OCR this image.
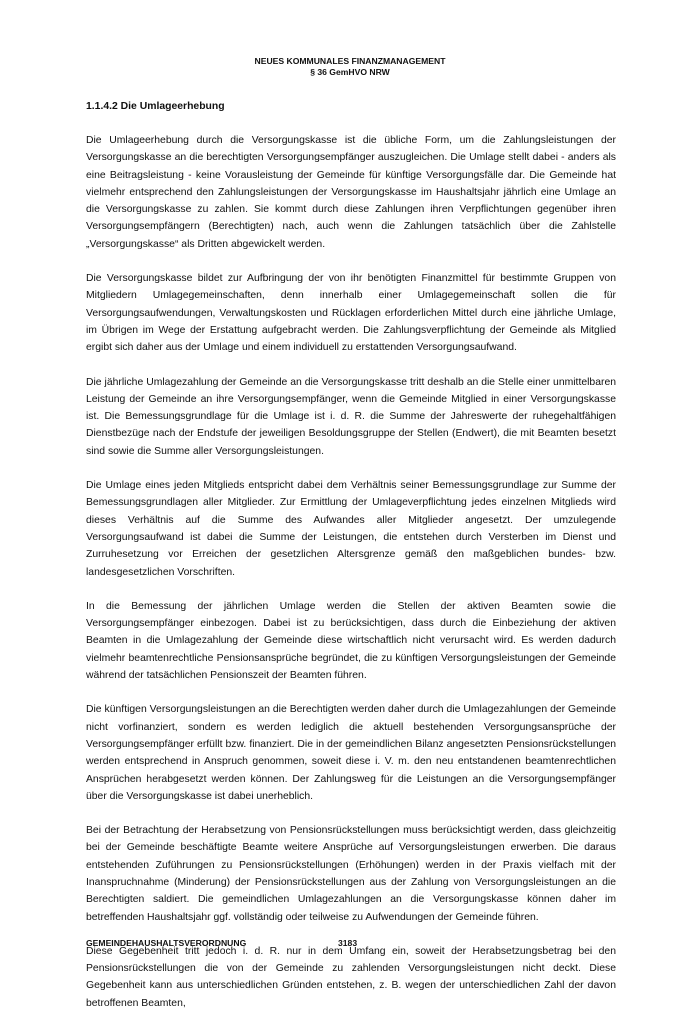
NEUES KOMMUNALES FINANZMANAGEMENT
§ 36 GemHVO NRW
1.1.4.2 Die Umlageerhebung

Die Umlageerhebung durch die Versorgungskasse ist die übliche Form, um die Zahlungsleistungen der Versorgungskasse an die berechtigten Versorgungsempfänger auszugleichen. Die Umlage stellt dabei - anders als eine Beitragsleistung - keine Vorausleistung der Gemeinde für künftige Versorgungsfälle dar. Die Gemeinde hat vielmehr entsprechend den Zahlungsleistungen der Versorgungskasse im Haushaltsjahr jährlich eine Umlage an die Versorgungskasse zu zahlen. Sie kommt durch diese Zahlungen ihren Verpflichtungen gegenüber ihren Versorgungsempfängern (Berechtigten) nach, auch wenn die Zahlungen tatsächlich über die Zahlstelle „Versorgungskasse“ als Dritten abgewickelt werden.

Die Versorgungskasse bildet zur Aufbringung der von ihr benötigten Finanzmittel für bestimmte Gruppen von Mitgliedern Umlagegemeinschaften, denn innerhalb einer Umlagegemeinschaft sollen die für Versorgungsaufwendungen, Verwaltungskosten und Rücklagen erforderlichen Mittel durch eine jährliche Umlage, im Übrigen im Wege der Erstattung aufgebracht werden. Die Zahlungsverpflichtung der Gemeinde als Mitglied ergibt sich daher aus der Umlage und einem individuell zu erstattenden Versorgungsaufwand.

Die jährliche Umlagezahlung der Gemeinde an die Versorgungskasse tritt deshalb an die Stelle einer unmittelbaren Leistung der Gemeinde an ihre Versorgungsempfänger, wenn die Gemeinde Mitglied in einer Versorgungskasse ist. Die Bemessungsgrundlage für die Umlage ist i. d. R. die Summe der Jahreswerte der ruhegehaltfähigen Dienstbezüge nach der Endstufe der jeweiligen Besoldungsgruppe der Stellen (Endwert), die mit Beamten besetzt sind sowie die Summe aller Versorgungsleistungen.

Die Umlage eines jeden Mitglieds entspricht dabei dem Verhältnis seiner Bemessungsgrundlage zur Summe der Bemessungsgrundlagen aller Mitglieder. Zur Ermittlung der Umlageverpflichtung jedes einzelnen Mitglieds wird dieses Verhältnis auf die Summe des Aufwandes aller Mitglieder angesetzt. Der umzulegende Versorgungsaufwand ist dabei die Summe der Leistungen, die entstehen durch Versterben im Dienst und Zurruhesetzung vor Erreichen der gesetzlichen Altersgrenze gemäß den maßgeblichen bundes- bzw. landesgesetzlichen Vorschriften.

In die Bemessung der jährlichen Umlage werden die Stellen der aktiven Beamten sowie die Versorgungsempfänger einbezogen. Dabei ist zu berücksichtigen, dass durch die Einbeziehung der aktiven Beamten in die Umlagezahlung der Gemeinde diese wirtschaftlich nicht verursacht wird. Es werden dadurch vielmehr beamtenrechtliche Pensionsansprüche begründet, die zu künftigen Versorgungsleistungen der Gemeinde während der tatsächlichen Pensionszeit der Beamten führen.

Die künftigen Versorgungsleistungen an die Berechtigten werden daher durch die Umlagezahlungen der Gemeinde nicht vorfinanziert, sondern es werden lediglich die aktuell bestehenden Versorgungsansprüche der Versorgungsempfänger erfüllt bzw. finanziert. Die in der gemeindlichen Bilanz angesetzten Pensionsrückstellungen werden entsprechend in Anspruch genommen, soweit diese i. V. m. den neu entstandenen beamtenrechtlichen Ansprüchen herabgesetzt werden können. Der Zahlungsweg für die Leistungen an die Versorgungsempfänger über die Versorgungskasse ist dabei unerheblich.

Bei der Betrachtung der Herabsetzung von Pensionsrückstellungen muss berücksichtigt werden, dass gleichzeitig bei der Gemeinde beschäftigte Beamte weitere Ansprüche auf Versorgungsleistungen erwerben. Die daraus entstehenden Zuführungen zu Pensionsrückstellungen (Erhöhungen) werden in der Praxis vielfach mit der Inanspruchnahme (Minderung) der Pensionsrückstellungen aus der Zahlung von Versorgungsleistungen an die Berechtigten saldiert. Die gemeindlichen Umlagezahlungen an die Versorgungskasse können daher im betreffenden Haushaltsjahr ggf. vollständig oder teilweise zu Aufwendungen der Gemeinde führen.

Diese Gegebenheit tritt jedoch i. d. R. nur in dem Umfang ein, soweit der Herabsetzungsbetrag bei den Pensionsrückstellungen die von der Gemeinde zu zahlenden Versorgungsleistungen nicht deckt. Diese Gegebenheit kann aus unterschiedlichen Gründen entstehen, z. B. wegen der unterschiedlichen Zahl der davon betroffenen Beamten,

GEMEINDEHAUSHALTSVERORDNUNG	3183
